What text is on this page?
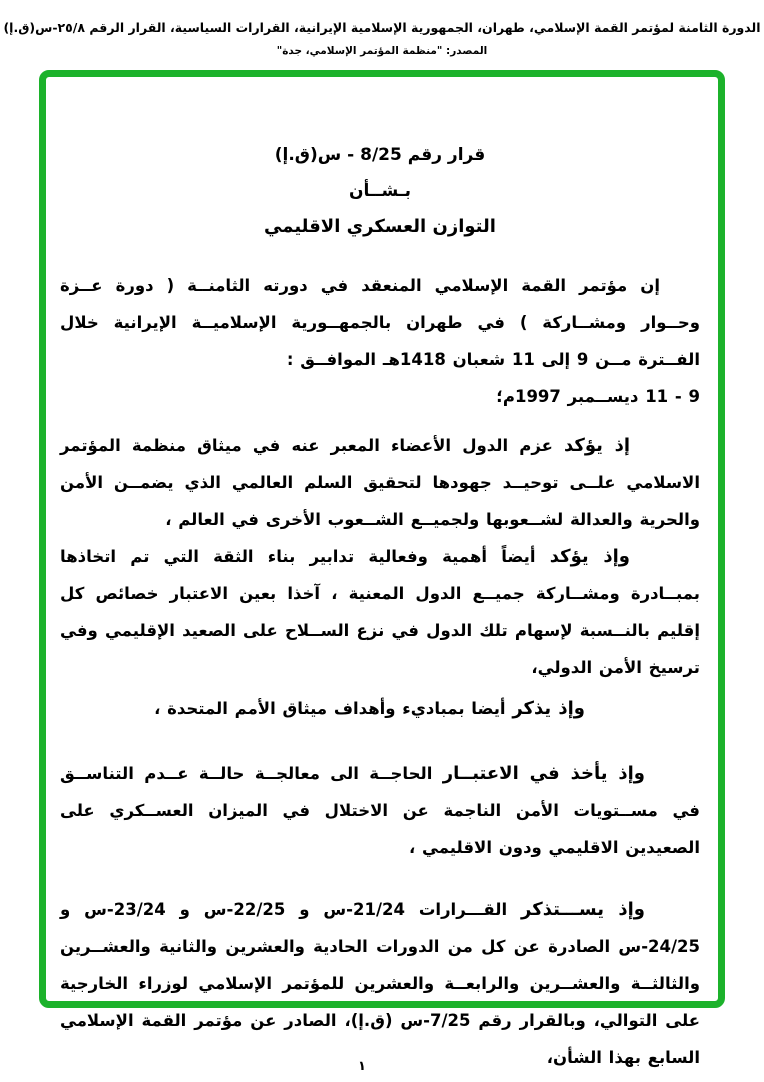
الدورة الثامنة لمؤتمر القمة الإسلامي، طهران، الجمهورية الإسلامية الإيرانية، القرارات السياسية، القرار الرقم ٢٥/٨-س(ق.إ)
المصدر: "منظمة المؤتمر الإسلامي، جدة"
قرار رقم 8/25 - س(ق.إ)
بـشــأن
التوازن العسكري الاقليمي

إن مؤتمر القمة الإسلامي المنعقد في دورته الثامنــة ( دورة عــزة وحــوار ومشــاركة ) في طهران بالجمهــورية الإسلاميــة الإيرانية خلال الفــترة مــن 9 إلى 11 شعبان 1418هـ الموافــق :

9 - 11 ديســمبر 1997م؛

إذ يؤكد عزم الدول الأعضاء المعبر عنه في ميثاق منظمة المؤتمر الاسلامي علــى توحيــد جهودها لتحقيق السلم العالمي الذي يضمــن الأمن والحرية والعدالة لشــعوبها ولجميــع الشــعوب الأخرى في العالم ،

وإذ يؤكد أيضاً أهمية وفعالية تدابير بناء الثقة التي تم اتخاذها بمبــادرة ومشــاركة جميــع الدول المعنية ، آخذا بعين الاعتبار خصائص كل إقليم بالنــسبة لإسهام تلك الدول في نزع الســلاح على الصعيد الإقليمي وفي ترسيخ الأمن الدولي،

وإذ يذكر أيضا بمباديء وأهداف ميثاق الأمم المتحدة ،

وإذ يأخذ في الاعتبــار الحاجــة الى معالجــة حالــة عــدم التناســق في مســتويات الأمن الناجمة عن الاختلال في الميزان العســكري على الصعيدين الاقليمي ودون الاقليمي ،

وإذ يســـتذكر القـــرارات 21/24-س و 22/25-س و 23/24-س و 24/25-س الصادرة عن كل من الدورات الحادية والعشرين والثانية والعشــرين والثالثــة والعشــرين والرابعــة والعشرين للمؤتمر الإسلامي لوزراء الخارجية على التوالي، وبالقرار رقم 7/25-س (ق.إ)، الصادر عن مؤتمر القمة الإسلامي السابع بهذا الشأن،

١
